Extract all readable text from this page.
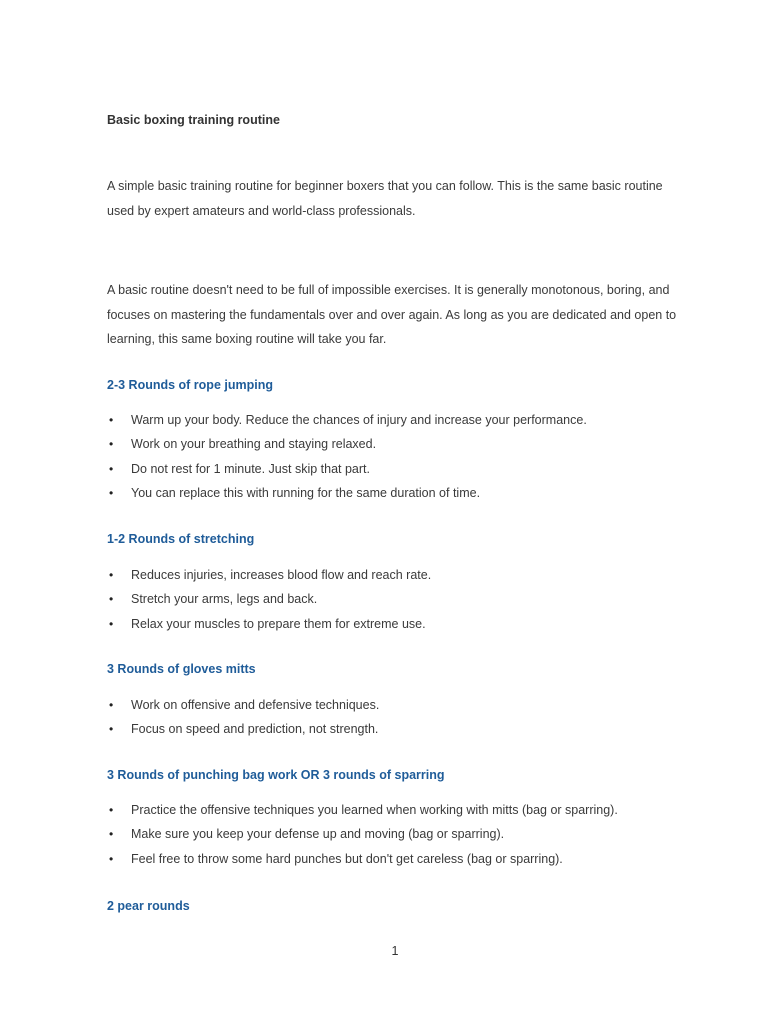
Basic boxing training routine
A simple basic training routine for beginner boxers that you can follow. This is the same basic routine used by expert amateurs and world-class professionals.
A basic routine doesn't need to be full of impossible exercises. It is generally monotonous, boring, and focuses on mastering the fundamentals over and over again. As long as you are dedicated and open to learning, this same boxing routine will take you far.
2-3 Rounds of rope jumping
• Warm up your body. Reduce the chances of injury and increase your performance.
• Work on your breathing and staying relaxed.
• Do not rest for 1 minute. Just skip that part.
• You can replace this with running for the same duration of time.
1-2 Rounds of stretching
• Reduces injuries, increases blood flow and reach rate.
• Stretch your arms, legs and back.
• Relax your muscles to prepare them for extreme use.
3 Rounds of gloves mitts
• Work on offensive and defensive techniques.
• Focus on speed and prediction, not strength.
3 Rounds of punching bag work OR 3 rounds of sparring
• Practice the offensive techniques you learned when working with mitts (bag or sparring).
• Make sure you keep your defense up and moving (bag or sparring).
• Feel free to throw some hard punches but don't get careless (bag or sparring).
2 pear rounds
1
